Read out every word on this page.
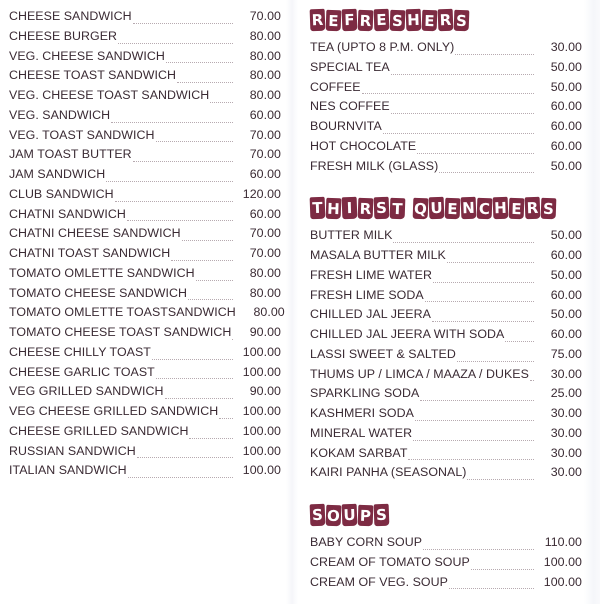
CHEESE SANDWICH	70.00
CHEESE BURGER	80.00
VEG. CHEESE SANDWICH	80.00
CHEESE TOAST SANDWICH	80.00
VEG. CHEESE TOAST SANDWICH	80.00
VEG. SANDWICH	60.00
VEG. TOAST SANDWICH	70.00
JAM TOAST BUTTER	70.00
JAM SANDWICH	60.00
CLUB SANDWICH	120.00
CHATNI SANDWICH	60.00
CHATNI CHEESE SANDWICH	70.00
CHATNI TOAST SANDWICH	70.00
TOMATO OMLETTE SANDWICH	80.00
TOMATO CHEESE SANDWICH	80.00
TOMATO OMLETTE TOASTSANDWICH	80.00
TOMATO CHEESE TOAST SANDWICH	90.00
CHEESE CHILLY TOAST	100.00
CHEESE GARLIC TOAST	100.00
VEG GRILLED SANDWICH	90.00
VEG CHEESE GRILLED SANDWICH	100.00
CHEESE GRILLED SANDWICH	100.00
RUSSIAN SANDWICH	100.00
ITALIAN SANDWICH	100.00
R E F R E S H E R S
TEA (UPTO 8 P.M. ONLY)	30.00
SPECIAL TEA	50.00
COFFEE	50.00
NES COFFEE	60.00
BOURNVITA	60.00
HOT CHOCOLATE	60.00
FRESH MILK (GLASS)	50.00
T H I R S T Q U E N C H E R S
BUTTER MILK	50.00
MASALA BUTTER MILK	60.00
FRESH LIME WATER	50.00
FRESH LIME SODA	60.00
CHILLED JAL JEERA	50.00
CHILLED JAL JEERA WITH SODA	60.00
LASSI SWEET & SALTED	75.00
THUMS UP / LIMCA / MAAZA / DUKES	30.00
SPARKLING SODA	25.00
KASHMERI SODA	30.00
MINERAL WATER	30.00
KOKAM SARBAT	30.00
KAIRI PANHA (SEASONAL)	30.00
S O U P S
BABY CORN SOUP	110.00
CREAM OF TOMATO SOUP	100.00
CREAM OF VEG. SOUP	100.00
